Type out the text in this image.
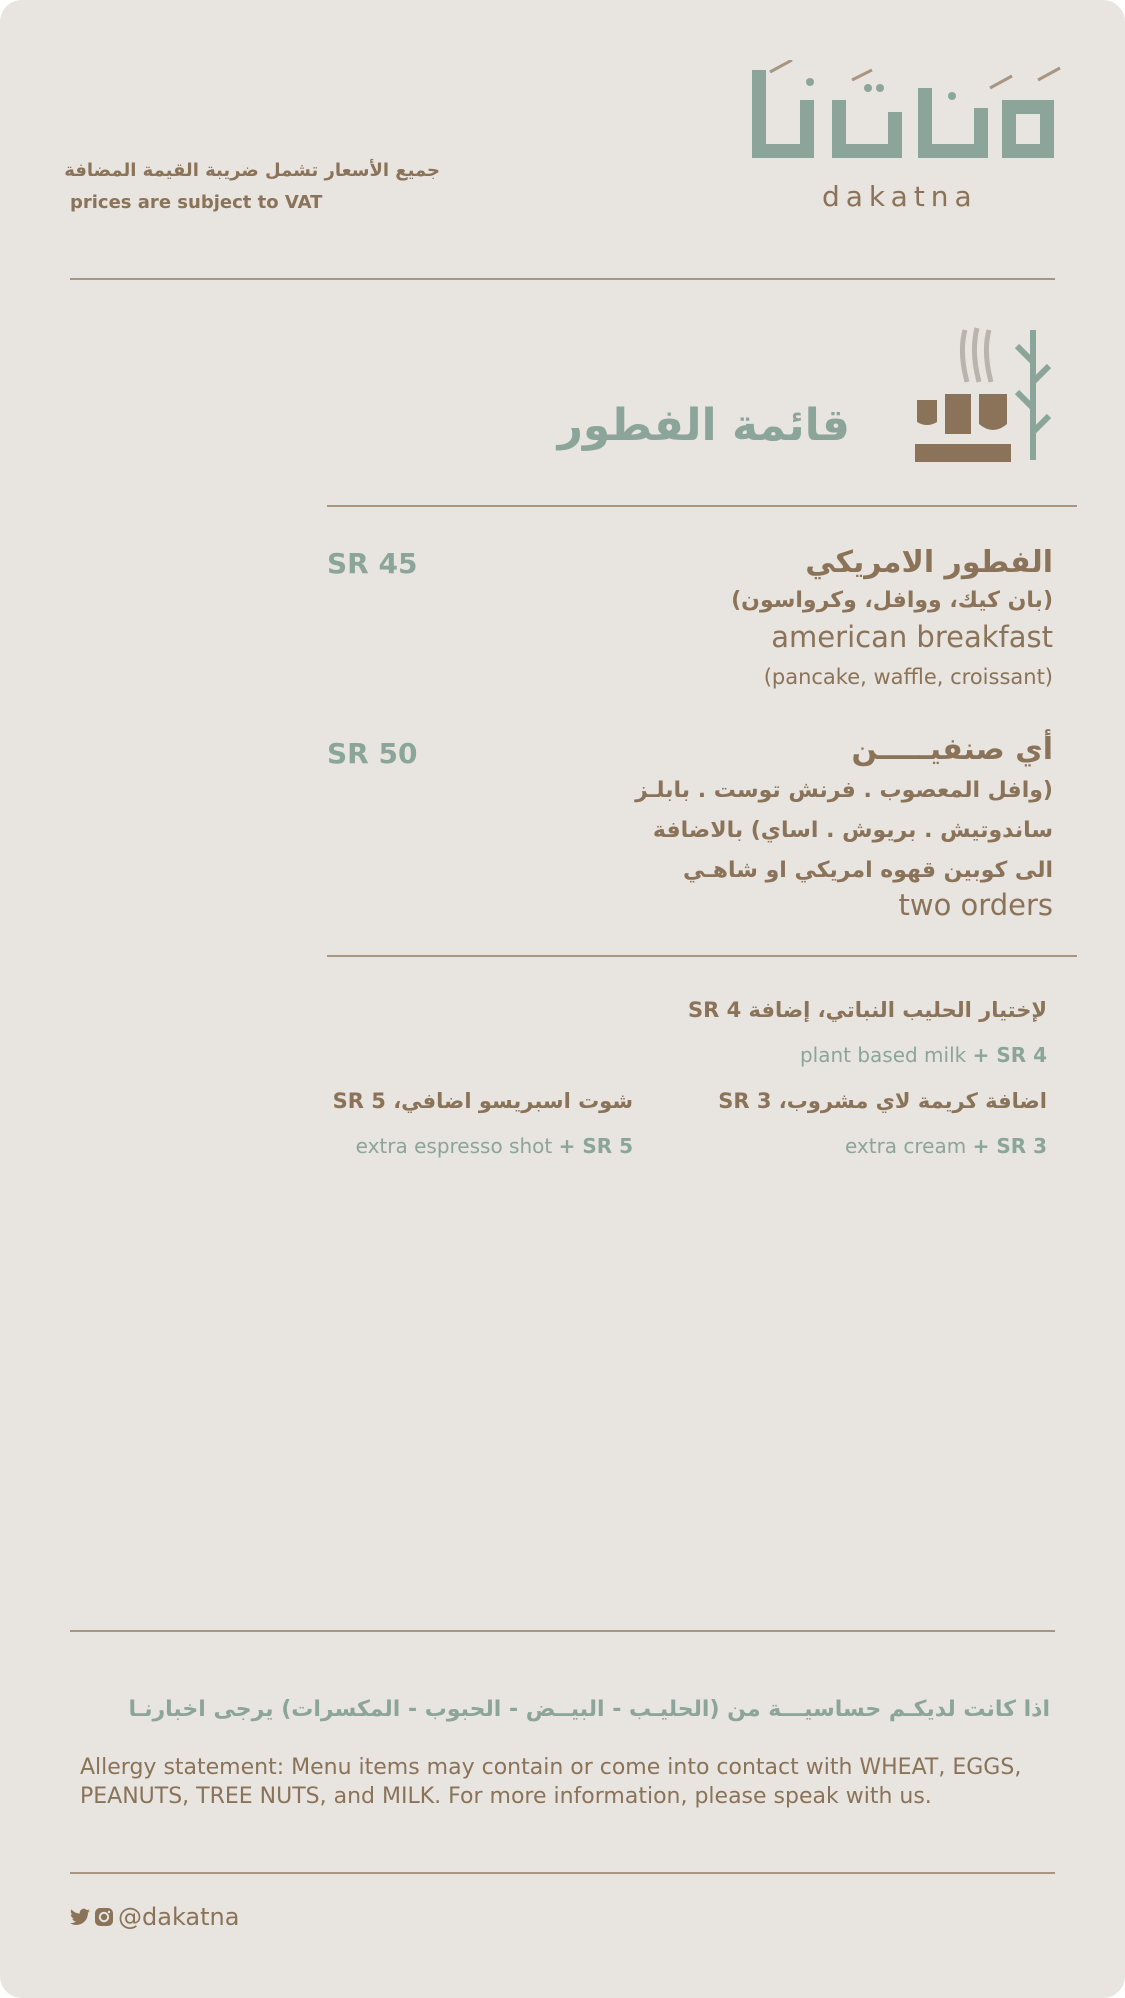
جميع الأسعار تشمل ضريبة القيمة المضافة
prices are subject to VAT	dakatna
قائمة الفطور
الفطور الامريكي
SR 45
(بان كيك، ووافل، وكرواسون)
american breakfast
(pancake, waffle, croissant)
أي صنفيـــــن
SR 50
(وافل المعصوب . فرنش توست . بابلـز
ساندوتيش . بريوش . اساي) بالاضافة
الى كوبين قهوه امريكي او شاهـي
two orders
لإختيار الحليب النباتي، إضافة 4 SR
plant based milk + SR 4
اضافة كريمة لاي مشروب، 3 SR
extra cream + SR 3
شوت اسبريسو اضافي، 5 SR
extra espresso shot + SR 5
اذا كانت لديكـم حساسيـــة من (الحليـب - البيــض - الحبوب - المكسرات) يرجى اخبارنـا
Allergy statement: Menu items may contain or come into contact with WHEAT, EGGS, PEANUTS, TREE NUTS, and MILK. For more information, please speak with us.
@dakatna
